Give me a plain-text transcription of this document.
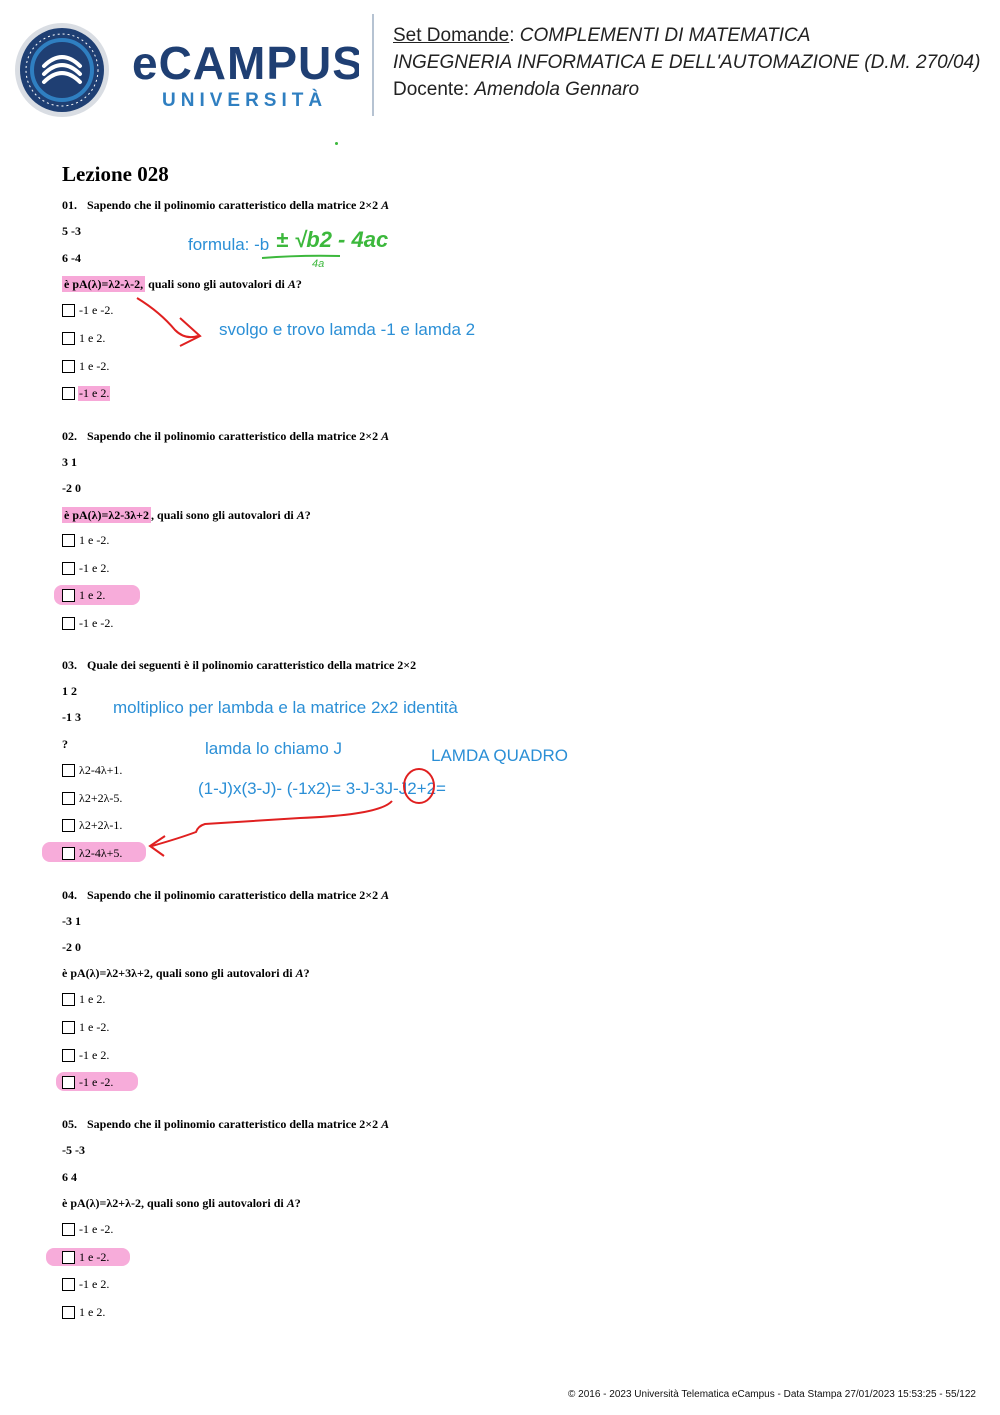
eCAMPUS
UNIVERSITÀ
Set Domande: COMPLEMENTI DI MATEMATICA
INGEGNERIA INFORMATICA E DELL'AUTOMAZIONE (D.M. 270/04)
Docente: Amendola Gennaro
Lezione 028
01. Sapendo che il polinomio caratteristico della matrice 2×2 A
5 -3
6 -4
è pA(λ)=λ2-λ-2, quali sono gli autovalori di A?
-1 e -2.
1 e 2.
1 e -2.
-1 e 2.
02. Sapendo che il polinomio caratteristico della matrice 2×2 A
3 1
-2 0
è pA(λ)=λ2-3λ+2 , quali sono gli autovalori di A?
1 e -2.
-1 e 2.
1 e 2.
-1 e -2.
03. Quale dei seguenti è il polinomio caratteristico della matrice 2×2
1 2
-1 3
?
λ2-4λ+1.
λ2+2λ-5.
λ2+2λ-1.
λ2-4λ+5.
04. Sapendo che il polinomio caratteristico della matrice 2×2 A
-3 1
-2 0
è pA(λ)=λ2+3λ+2, quali sono gli autovalori di A?
1 e 2.
1 e -2.
-1 e 2.
-1 e -2.
05. Sapendo che il polinomio caratteristico della matrice 2×2 A
-5 -3
6 4
è pA(λ)=λ2+λ-2, quali sono gli autovalori di A?
-1 e -2.
1 e -2.
-1 e 2.
1 e 2.
formula: -b ± √b2 - 4ac
4a
svolgo e trovo lamda -1 e lamda 2
moltiplico per lambda e la matrice 2x2 identità
lamda lo chiamo J	LAMDA QUADRO
(1-J)x(3-J)- (-1x2)= 3-J-3J-J2+2=
© 2016 - 2023 Università Telematica eCampus - Data Stampa 27/01/2023 15:53:25 - 55/122
